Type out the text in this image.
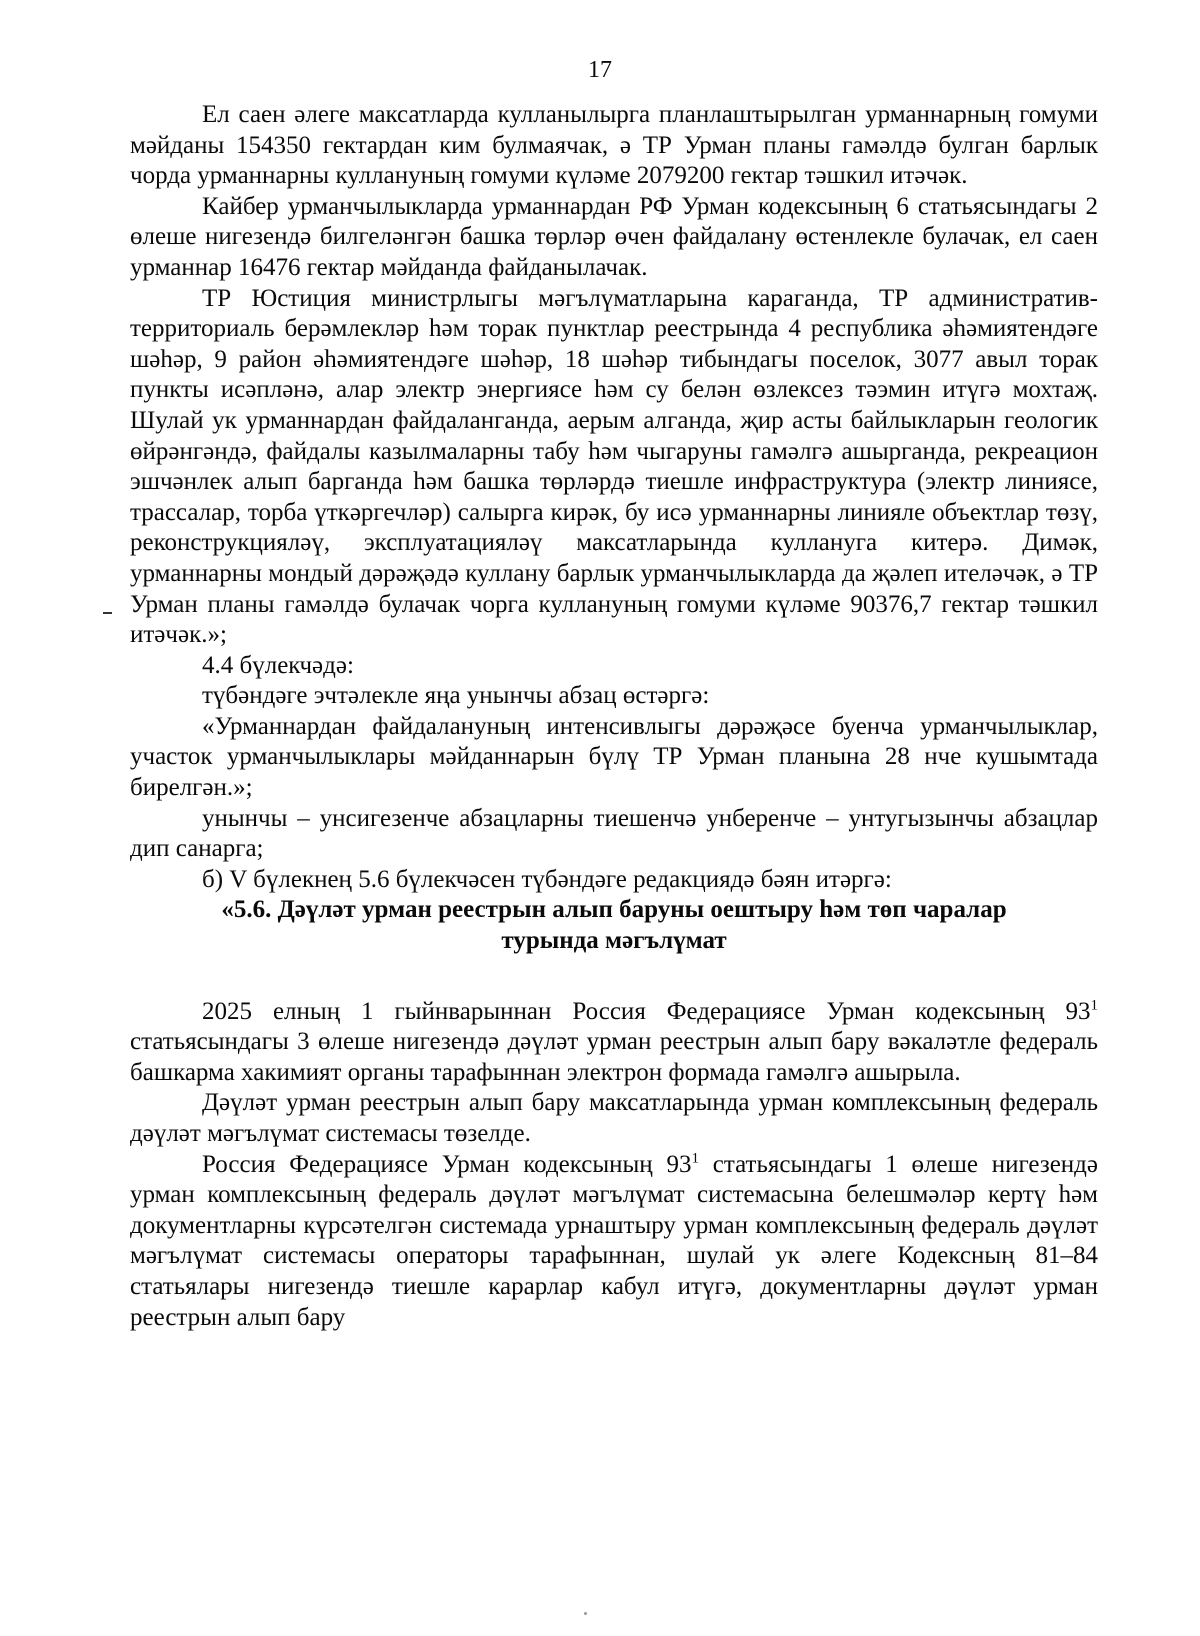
17

Ел саен әлеге максатларда кулланылырга планлаштырылган урманнарның гомуми мәйданы 154350 гектардан ким булмаячак, ә ТР Урман планы гамәлдә булган барлык чорда урманнарны куллануның гомуми күләме 2079200 гектар тәшкил итәчәк.

Кайбер урманчылыкларда урманнардан РФ Урман кодексының 6 статьясындагы 2 өлеше нигезендә билгеләнгән башка төрләр өчен файдалану өстенлекле булачак, ел саен урманнар 16476 гектар мәйданда файданылачак.

ТР Юстиция министрлыгы мәгълүматларына караганда, ТР административ-территориаль берәмлекләр һәм торак пунктлар реестрында 4 республика әһәмиятендәге шәһәр, 9 район әһәмиятендәге шәһәр, 18 шәһәр тибындагы поселок, 3077 авыл торак пункты исәпләнә, алар электр энергиясе һәм су белән өзлексез тәэмин итүгә мохтаҗ. Шулай ук урманнардан файдаланганда, аерым алганда, җир асты байлыкларын геологик өйрәнгәндә, файдалы казылмаларны табу һәм чыгаруны гамәлгә ашырганда, рекреацион эшчәнлек алып барганда һәм башка төрләрдә тиешле инфраструктура (электр линиясе, трассалар, торба үткәргечләр) салырга кирәк, бу исә урманнарны линияле объектлар төзү, реконструкцияләү, эксплуатацияләү максатларында куллануга китерә. Димәк, урманнарны мондый дәрәҗәдә куллану барлык урманчылыкларда да җәлеп ителәчәк, ә ТР Урман планы гамәлдә булачак чорга куллануның гомуми күләме 90376,7 гектар тәшкил итәчәк.»;

4.4 бүлекчәдә:

түбәндәге эчтәлекле яңа унынчы абзац өстәргә:

«Урманнардан файдалануның интенсивлыгы дәрәҗәсе буенча урманчылыклар, участок урманчылыклары мәйданнарын бүлү ТР Урман планына 28 нче кушымтада бирелгән.»;

унынчы – унсигезенче абзацларны тиешенчә унберенче – унтугызынчы абзацлар дип санарга;

б) V бүлекнең 5.6 бүлекчәсен түбәндәге редакциядә бәян итәргә:

«5.6. Дәүләт урман реестрын алып баруны оештыру һәм төп чаралар
турында мәгълүмат

2025 елның 1 гыйнварыннан Россия Федерациясе Урман кодексының $93^1$ статьясындагы 3 өлеше нигезендә дәүләт урман реестрын алып бару вәкаләтле федераль башкарма хакимият органы тарафыннан электрон формада гамәлгә ашырыла.

Дәүләт урман реестрын алып бару максатларында урман комплексының федераль дәүләт мәгълүмат системасы төзелде.

Россия Федерациясе Урман кодексының $93^1$ статьясындагы 1 өлеше нигезендә урман комплексының федераль дәүләт мәгълүмат системасына белешмәләр кертү һәм документларны күрсәтелгән системада урнаштыру урман комплексының федераль дәүләт мәгълүмат системасы операторы тарафыннан, шулай ук әлеге Кодексның 81–84 статьялары нигезендә тиешле карарлар кабул итүгә, документларны дәүләт урман реестрын алып бару
